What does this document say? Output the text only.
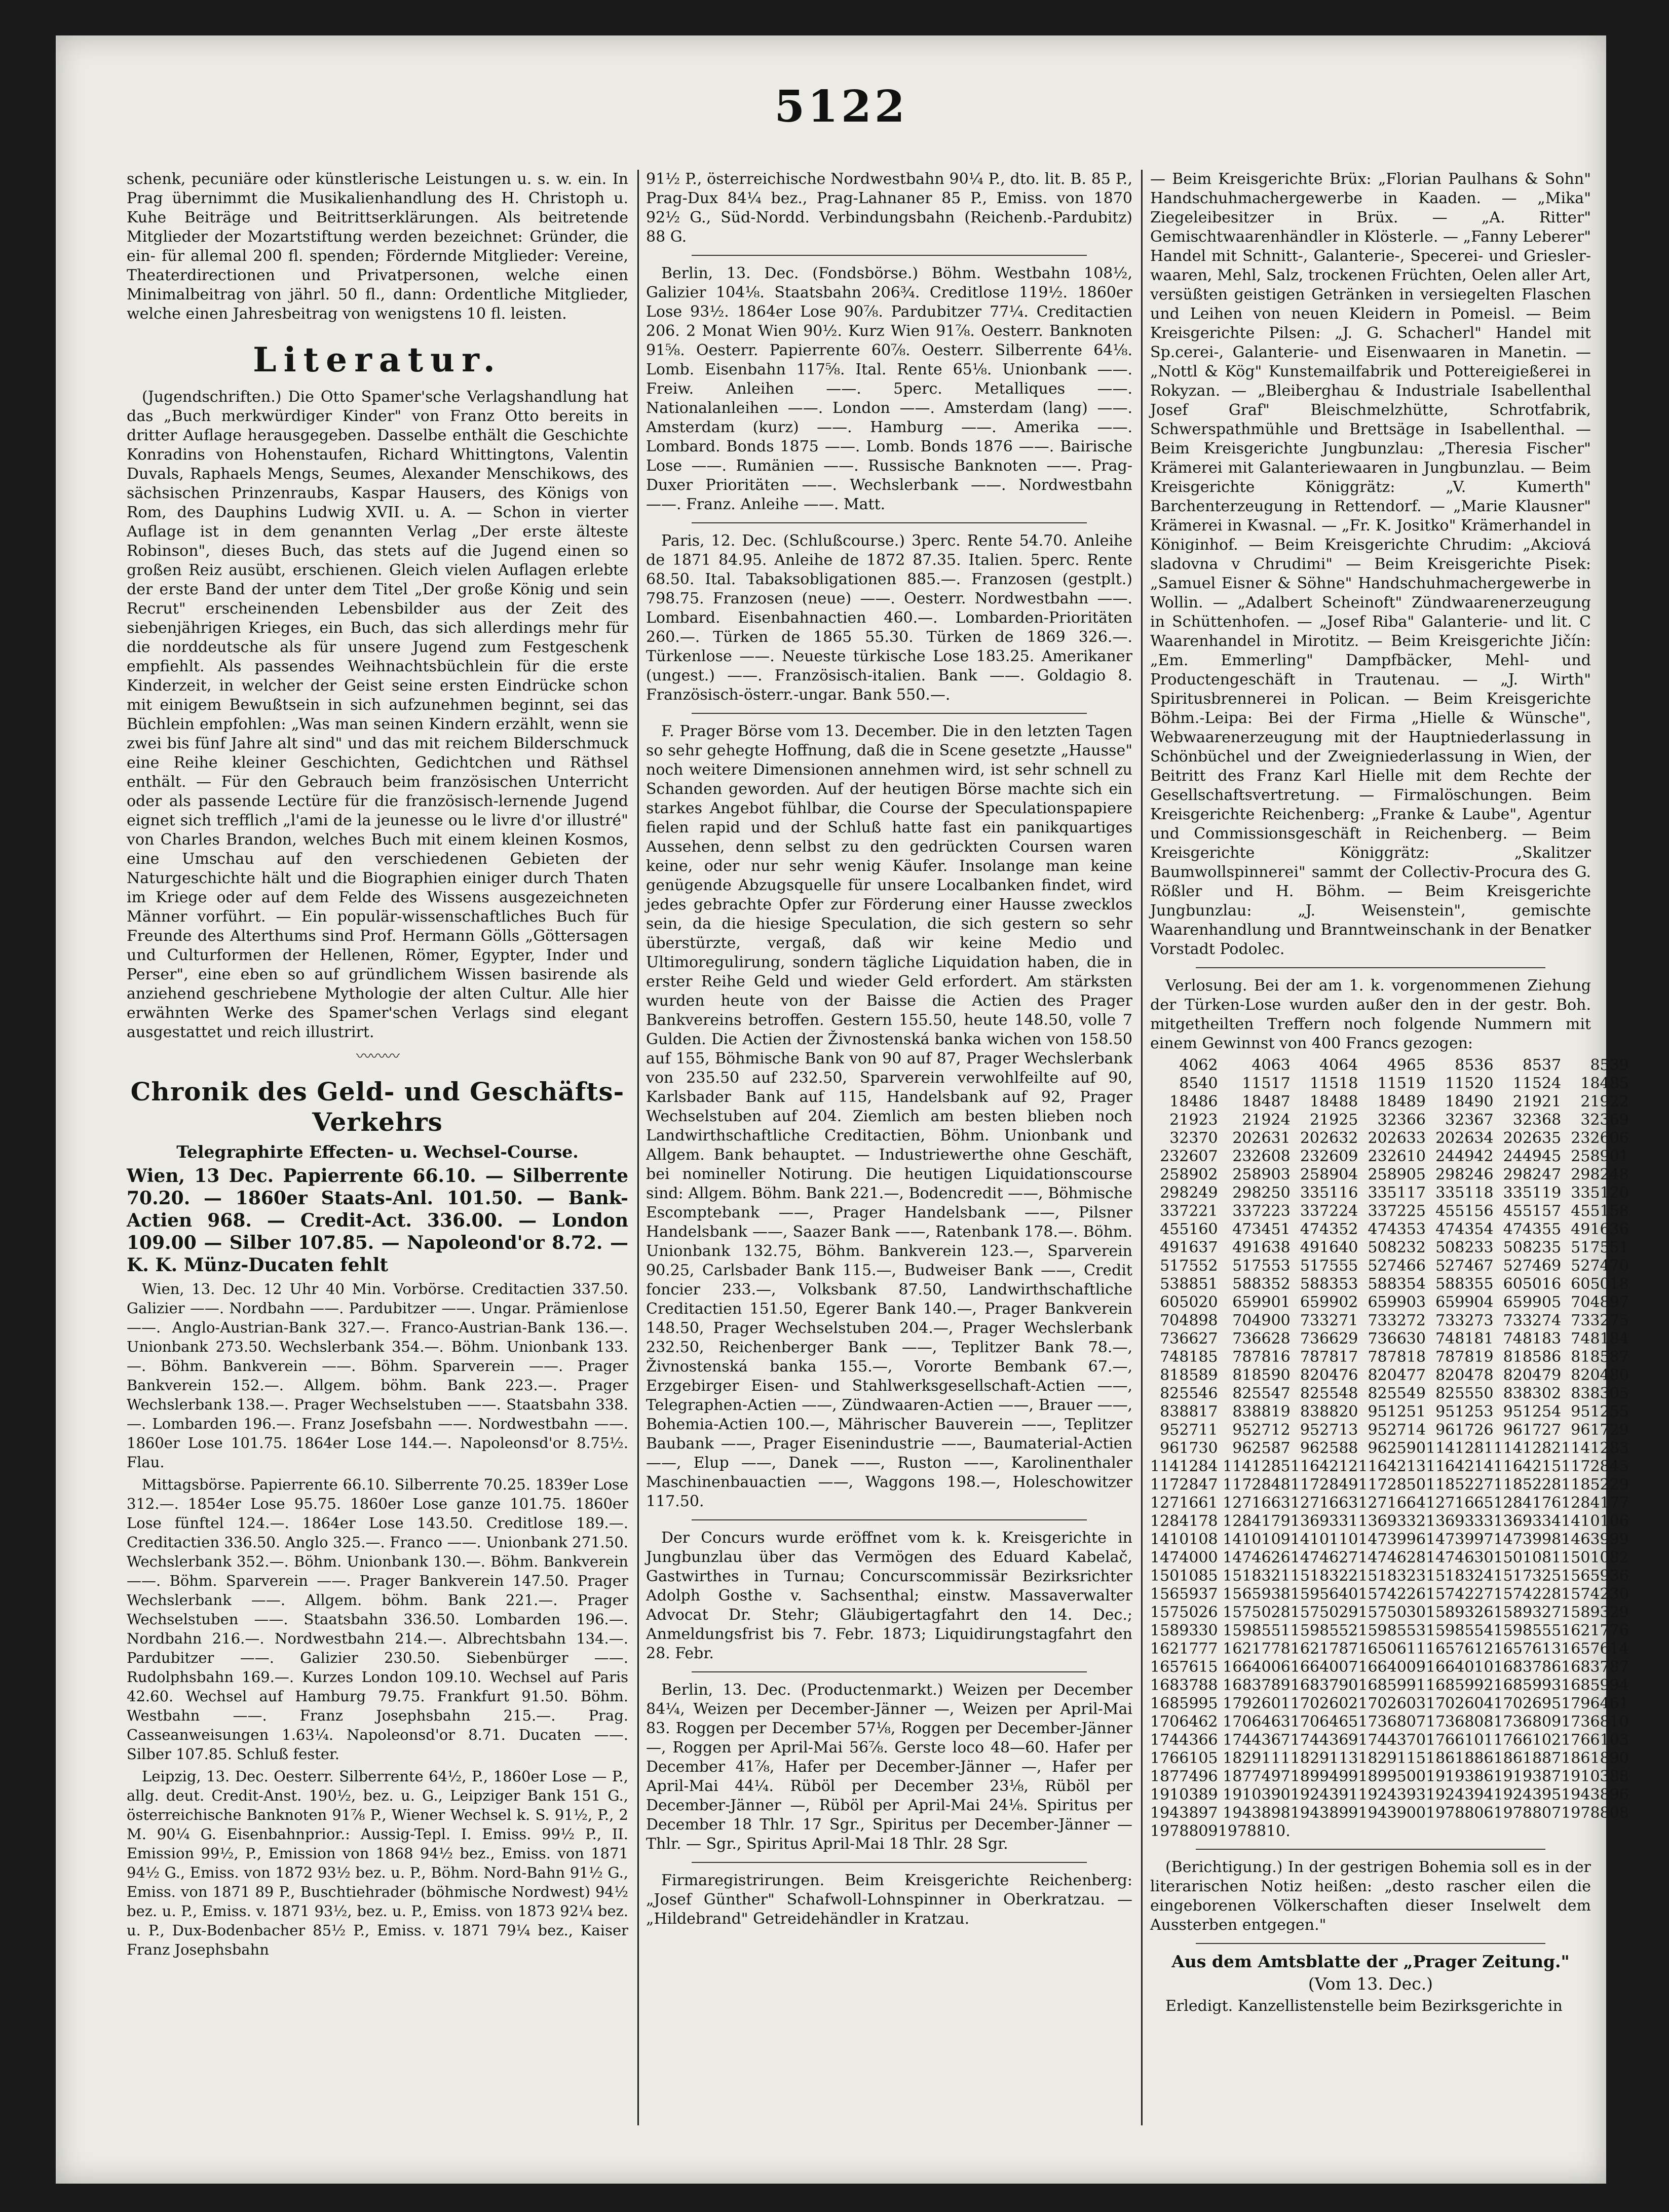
5122

schenk, pecuniäre oder künstlerische Leistungen u. s. w. ein. In Prag übernimmt die Musikalienhandlung des H. Christoph u. Kuhe Beiträge und Beitrittserklärungen. Als beitretende Mitglieder der Mozartstiftung werden bezeichnet: Gründer, die ein- für allemal 200 fl. spenden; Fördernde Mitglieder: Vereine, Theaterdirectionen und Privatpersonen, welche einen Minimalbeitrag von jährl. 50 fl., dann: Ordentliche Mitglieder, welche einen Jahresbeitrag von wenigstens 10 fl. leisten.

Literatur.

(Jugendschriften.) Die Otto Spamer'sche Verlagshandlung hat das „Buch merkwürdiger Kinder" von Franz Otto bereits in dritter Auflage herausgegeben. Dasselbe enthält die Geschichte Konradins von Hohenstaufen, Richard Whittingtons, Valentin Duvals, Raphaels Mengs, Seumes, Alexander Menschikows, des sächsischen Prinzenraubs, Kaspar Hausers, des Königs von Rom, des Dauphins Ludwig XVII. u. A. — Schon in vierter Auflage ist in dem genannten Verlag „Der erste älteste Robinson", dieses Buch, das stets auf die Jugend einen so großen Reiz ausübt, erschienen. Gleich vielen Auflagen erlebte der erste Band der unter dem Titel „Der große König und sein Recrut" erscheinenden Lebensbilder aus der Zeit des siebenjährigen Krieges, ein Buch, das sich allerdings mehr für die norddeutsche als für unsere Jugend zum Festgeschenk empfiehlt. Als passendes Weihnachtsbüchlein für die erste Kinderzeit, in welcher der Geist seine ersten Eindrücke schon mit einigem Bewußtsein in sich aufzunehmen beginnt, sei das Büchlein empfohlen: „Was man seinen Kindern erzählt, wenn sie zwei bis fünf Jahre alt sind" und das mit reichem Bilderschmuck eine Reihe kleiner Geschichten, Gedichtchen und Räthsel enthält. — Für den Gebrauch beim französischen Unterricht oder als passende Lectüre für die französisch-lernende Jugend eignet sich trefflich „l'ami de la jeunesse ou le livre d'or illustré" von Charles Brandon, welches Buch mit einem kleinen Kosmos, eine Umschau auf den verschiedenen Gebieten der Naturgeschichte hält und die Biographien einiger durch Thaten im Kriege oder auf dem Felde des Wissens ausgezeichneten Männer vorführt. — Ein populär-wissenschaftliches Buch für Freunde des Alterthums sind Prof. Hermann Gölls „Göttersagen und Culturformen der Hellenen, Römer, Egypter, Inder und Perser", eine eben so auf gründlichem Wissen basirende als anziehend geschriebene Mythologie der alten Cultur. Alle hier erwähnten Werke des Spamer'schen Verlags sind elegant ausgestattet und reich illustrirt.

〰〰〰
Chronik des Geld- und Geschäfts-Verkehrs
Telegraphirte Effecten- u. Wechsel-Course.

Wien, 13 Dec. Papierrente 66.10. — Silberrente 70.20. — 1860er Staats-Anl. 101.50. — Bank-Actien 968. — Credit-Act. 336.00. — London 109.00 — Silber 107.85. — Napoleond'or 8.72. — K. K. Münz-Ducaten fehlt

Wien, 13. Dec. 12 Uhr 40 Min. Vorbörse. Creditactien 337.50. Galizier ——. Nordbahn ——. Pardubitzer ——. Ungar. Prämienlose ——. Anglo-Austrian-Bank 327.—. Franco-Austrian-Bank 136.—. Unionbank 273.50. Wechslerbank 354.—. Böhm. Unionbank 133.—. Böhm. Bankverein ——. Böhm. Sparverein ——. Prager Bankverein 152.—. Allgem. böhm. Bank 223.—. Prager Wechslerbank 138.—. Prager Wechselstuben ——. Staatsbahn 338.—. Lombarden 196.—. Franz Josefsbahn ——. Nordwestbahn ——. 1860er Lose 101.75. 1864er Lose 144.—. Napoleonsd'or 8.75½. Flau.

Mittagsbörse. Papierrente 66.10. Silberrente 70.25. 1839er Lose 312.—. 1854er Lose 95.75. 1860er Lose ganze 101.75. 1860er Lose fünftel 124.—. 1864er Lose 143.50. Creditlose 189.—. Creditactien 336.50. Anglo 325.—. Franco ——. Unionbank 271.50. Wechslerbank 352.—. Böhm. Unionbank 130.—. Böhm. Bankverein ——. Böhm. Sparverein ——. Prager Bankverein 147.50. Prager Wechslerbank ——. Allgem. böhm. Bank 221.—. Prager Wechselstuben ——. Staatsbahn 336.50. Lombarden 196.—. Nordbahn 216.—. Nordwestbahn 214.—. Albrechtsbahn 134.—. Pardubitzer ——. Galizier 230.50. Siebenbürger ——. Rudolphsbahn 169.—. Kurzes London 109.10. Wechsel auf Paris 42.60. Wechsel auf Hamburg 79.75. Frankfurt 91.50. Böhm. Westbahn ——. Franz Josephsbahn 215.—. Prag. Casseanweisungen 1.63¼. Napoleonsd'or 8.71. Ducaten ——. Silber 107.85. Schluß fester.

Leipzig, 13. Dec. Oesterr. Silberrente 64½, P., 1860er Lose — P., allg. deut. Credit-Anst. 190½, bez. u. G., Leipziger Bank 151 G., österreichische Banknoten 91⅞ P., Wiener Wechsel k. S. 91½, P., 2 M. 90¼ G. Eisenbahnprior.: Aussig-Tepl. I. Emiss. 99½ P., II. Emission 99½, P., Emission von 1868 94½ bez., Emiss. von 1871 94½ G., Emiss. von 1872 93½ bez. u. P., Böhm. Nord-Bahn 91½ G., Emiss. von 1871 89 P., Buschtiehrader (böhmische Nordwest) 94½ bez. u. P., Emiss. v. 1871 93½, bez. u. P., Emiss. von 1873 92¼ bez. u. P., Dux-Bodenbacher 85½ P., Emiss. v. 1871 79¼ bez., Kaiser Franz Josephsbahn

91½ P., österreichische Nordwestbahn 90¼ P., dto. lit. B. 85 P., Prag-Dux 84¼ bez., Prag-Lahnaner 85 P., Emiss. von 1870 92½ G., Süd-Nordd. Verbindungsbahn (Reichenb.-Pardubitz) 88 G.

Berlin, 13. Dec. (Fondsbörse.) Böhm. Westbahn 108½, Galizier 104⅛. Staatsbahn 206¾. Creditlose 119½. 1860er Lose 93½. 1864er Lose 90⅞. Pardubitzer 77¼. Creditactien 206. 2 Monat Wien 90½. Kurz Wien 91⅞. Oesterr. Banknoten 91⅝. Oesterr. Papierrente 60⅞. Oesterr. Silberrente 64⅛. Lomb. Eisenbahn 117⅝. Ital. Rente 65⅛. Unionbank ——. Freiw. Anleihen ——. 5perc. Metalliques ——. Nationalanleihen ——. London ——. Amsterdam (lang) ——. Amsterdam (kurz) ——. Hamburg ——. Amerika ——. Lombard. Bonds 1875 ——. Lomb. Bonds 1876 ——. Bairische Lose ——. Rumänien ——. Russische Banknoten ——. Prag-Duxer Prioritäten ——. Wechslerbank ——. Nordwestbahn ——. Franz. Anleihe ——. Matt.

Paris, 12. Dec. (Schlußcourse.) 3perc. Rente 54.70. Anleihe de 1871 84.95. Anleihe de 1872 87.35. Italien. 5perc. Rente 68.50. Ital. Tabaksobligationen 885.—. Franzosen (gestplt.) 798.75. Franzosen (neue) ——. Oesterr. Nordwestbahn ——. Lombard. Eisenbahnactien 460.—. Lombarden-Prioritäten 260.—. Türken de 1865 55.30. Türken de 1869 326.—. Türkenlose ——. Neueste türkische Lose 183.25. Amerikaner (ungest.) ——. Französisch-italien. Bank ——. Goldagio 8. Französisch-österr.-ungar. Bank 550.—.

F. Prager Börse vom 13. December. Die in den letzten Tagen so sehr gehegte Hoffnung, daß die in Scene gesetzte „Hausse" noch weitere Dimensionen annehmen wird, ist sehr schnell zu Schanden geworden. Auf der heutigen Börse machte sich ein starkes Angebot fühlbar, die Course der Speculationspapiere fielen rapid und der Schluß hatte fast ein panikquartiges Aussehen, denn selbst zu den gedrückten Coursen waren keine, oder nur sehr wenig Käufer. Insolange man keine genügende Abzugsquelle für unsere Localbanken findet, wird jedes gebrachte Opfer zur Förderung einer Hausse zwecklos sein, da die hiesige Speculation, die sich gestern so sehr überstürzte, vergaß, daß wir keine Medio und Ultimoregulirung, sondern tägliche Liquidation haben, die in erster Reihe Geld und wieder Geld erfordert. Am stärksten wurden heute von der Baisse die Actien des Prager Bankvereins betroffen. Gestern 155.50, heute 148.50, volle 7 Gulden. Die Actien der Živnostenská banka wichen von 158.50 auf 155, Böhmische Bank von 90 auf 87, Prager Wechslerbank von 235.50 auf 232.50, Sparverein verwohlfeilte auf 90, Karlsbader Bank auf 115, Handelsbank auf 92, Prager Wechselstuben auf 204. Ziemlich am besten blieben noch Landwirthschaftliche Creditactien, Böhm. Unionbank und Allgem. Bank behauptet. — Industriewerthe ohne Geschäft, bei nomineller Notirung. Die heutigen Liquidationscourse sind: Allgem. Böhm. Bank 221.—, Bodencredit ——, Böhmische Escomptebank ——, Prager Handelsbank ——, Pilsner Handelsbank ——, Saazer Bank ——, Ratenbank 178.—. Böhm. Unionbank 132.75, Böhm. Bankverein 123.—, Sparverein 90.25, Carlsbader Bank 115.—, Budweiser Bank ——, Credit foncier 233.—, Volksbank 87.50, Landwirthschaftliche Creditactien 151.50, Egerer Bank 140.—, Prager Bankverein 148.50, Prager Wechselstuben 204.—, Prager Wechslerbank 232.50, Reichenberger Bank ——, Teplitzer Bank 78.—, Živnostenská banka 155.—, Vororte Bembank 67.—, Erzgebirger Eisen- und Stahlwerksgesellschaft-Actien ——, Telegraphen-Actien ——, Zündwaaren-Actien ——, Brauer ——, Bohemia-Actien 100.—, Mährischer Bauverein ——, Teplitzer Baubank ——, Prager Eisenindustrie ——, Baumaterial-Actien ——, Elup ——, Danek ——, Ruston ——, Karolinenthaler Maschinenbauactien ——, Waggons 198.—, Holeschowitzer 117.50.

Der Concurs wurde eröffnet vom k. k. Kreisgerichte in Jungbunzlau über das Vermögen des Eduard Kabelač, Gastwirthes in Turnau; Concurscommissär Bezirksrichter Adolph Gosthe v. Sachsenthal; einstw. Massaverwalter Advocat Dr. Stehr; Gläubigertagfahrt den 14. Dec.; Anmeldungsfrist bis 7. Febr. 1873; Liquidirungstagfahrt den 28. Febr.

Berlin, 13. Dec. (Productenmarkt.) Weizen per December 84¼, Weizen per December-Jänner —, Weizen per April-Mai 83. Roggen per December 57⅛, Roggen per December-Jänner —, Roggen per April-Mai 56⅞. Gerste loco 48—60. Hafer per December 41⅞, Hafer per December-Jänner —, Hafer per April-Mai 44¼. Rüböl per December 23⅛, Rüböl per December-Jänner —, Rüböl per April-Mai 24⅛. Spiritus per December 18 Thlr. 17 Sgr., Spiritus per December-Jänner — Thlr. — Sgr., Spiritus April-Mai 18 Thlr. 28 Sgr.

Firmaregistrirungen. Beim Kreisgerichte Reichenberg: „Josef Günther" Schafwoll-Lohnspinner in Oberkratzau. — „Hildebrand" Getreidehändler in Kratzau.

— Beim Kreisgerichte Brüx: „Florian Paulhans & Sohn" Handschuhmachergewerbe in Kaaden. — „Mika" Ziegeleibesitzer in Brüx. — „A. Ritter" Gemischtwaarenhändler in Klösterle. — „Fanny Leberer" Handel mit Schnitt-, Galanterie-, Specerei- und Griesler-waaren, Mehl, Salz, trockenen Früchten, Oelen aller Art, versüßten geistigen Getränken in versiegelten Flaschen und Leihen von neuen Kleidern in Pomeisl. — Beim Kreisgerichte Pilsen: „J. G. Schacherl" Handel mit Sp.cerei-, Galanterie- und Eisenwaaren in Manetin. — „Nottl & Kög" Kunstemailfabrik und Pottereigießerei in Rokyzan. — „Bleiberghau & Industriale Isabellenthal Josef Graf" Bleischmelzhütte, Schrotfabrik, Schwerspathmühle und Brettsäge in Isabellenthal. — Beim Kreisgerichte Jungbunzlau: „Theresia Fischer" Krämerei mit Galanteriewaaren in Jungbunzlau. — Beim Kreisgerichte Königgrätz: „V. Kumerth" Barchenterzeugung in Rettendorf. — „Marie Klausner" Krämerei in Kwasnal. — „Fr. K. Jositko" Krämerhandel in Königinhof. — Beim Kreisgerichte Chrudim: „Akciová sladovna v Chrudimi" — Beim Kreisgerichte Pisek: „Samuel Eisner & Söhne" Handschuhmachergewerbe in Wollin. — „Adalbert Scheinoft" Zündwaarenerzeugung in Schüttenhofen. — „Josef Riba" Galanterie- und lit. C Waarenhandel in Mirotitz. — Beim Kreisgerichte Jičín: „Em. Emmerling" Dampfbäcker, Mehl- und Productengeschäft in Trautenau. — „J. Wirth" Spiritusbrennerei in Polican. — Beim Kreisgerichte Böhm.-Leipa: Bei der Firma „Hielle & Wünsche", Webwaarenerzeugung mit der Hauptniederlassung in Schönbüchel und der Zweigniederlassung in Wien, der Beitritt des Franz Karl Hielle mit dem Rechte der Gesellschaftsvertretung. — Firmalöschungen. Beim Kreisgerichte Reichenberg: „Franke & Laube", Agentur und Commissionsgeschäft in Reichenberg. — Beim Kreisgerichte Königgrätz: „Skalitzer Baumwollspinnerei" sammt der Collectiv-Procura des G. Rößler und H. Böhm. — Beim Kreisgerichte Jungbunzlau: „J. Weisenstein", gemischte Waarenhandlung und Branntweinschank in der Benatker Vorstadt Podolec.

Verlosung. Bei der am 1. k. vorgenommenen Ziehung der Türken-Lose wurden außer den in der gestr. Boh. mitgetheilten Treffern noch folgende Nummern mit einem Gewinnst von 400 Francs gezogen:

4062	4063	4064	4965	8536	8537	8539
8540	11517	11518	11519	11520	11524	18485
18486	18487	18488	18489	18490	21921	21922
21923	21924	21925	32366	32367	32368	32369
32370	202631	202632	202633	202634	202635	232606
232607	232608	232609	232610	244942	244945	258901
258902	258903	258904	258905	298246	298247	298248
298249	298250	335116	335117	335118	335119	335120
337221	337223	337224	337225	455156	455157	455158
455160	473451	474352	474353	474354	474355	491636
491637	491638	491640	508232	508233	508235	517551
517552	517553	517555	527466	527467	527469	527470
538851	588352	588353	588354	588355	605016	605018
605020	659901	659902	659903	659904	659905	704897
704898	704900	733271	733272	733273	733274	733275
736627	736628	736629	736630	748181	748183	748184
748185	787816	787817	787818	787819	818586	818587
818589	818590	820476	820477	820478	820479	820480
825546	825547	825548	825549	825550	838302	838305
838817	838819	838820	951251	951253	951254	951255
952711	952712	952713	952714	961726	961727	961729
961730	962587	962588	962590	1141281	1141282	1141283
1141284	1141285	1164212	1164213	1164214	1164215	1172845
1172847	1172848	1172849	1172850	1185227	1185228	1185229
1271661	1271663	1271663	1271664	1271665	1284176	1284177
1284178	1284179	1369331	1369332	1369333	1369334	1410106
1410108	1410109	1410110	1473996	1473997	1473998	1463999
1474000	1474626	1474627	1474628	1474630	1501081	1501082
1501085	1518321	1518322	1518323	1518324	1517325	1565936
1565937	1565938	1595640	1574226	1574227	1574228	1574230
1575026	1575028	1575029	1575030	1589326	1589327	1589329
1589330	1598551	1598552	1598553	1598554	1598555	1621776
1621777	1621778	1621787	1650611	1657612	1657613	1657614
1657615	1664006	1664007	1664009	1664010	1683786	1683787
1683788	1683789	1683790	1685991	1685992	1685993	1685994
1685995	1792601	1702602	1702603	1702604	1702695	1796461
1706462	1706463	1706465	1736807	1736808	1736809	1736810
1744366	1744367	1744369	1744370	1766101	1766102	1766103
1766105	1829111	1829113	1829115	1861886	1861887	1861890
1877496	1877497	1899499	1899500	1919386	1919387	1910388
1910389	1910390	1924391	1924393	1924394	1924395	1943896
1943897	1943898	1943899	1943900	1978806	1978807	1978808
1978809	1978810.					

(Berichtigung.) In der gestrigen Bohemia soll es in der literarischen Notiz heißen: „desto rascher eilen die eingeborenen Völkerschaften dieser Inselwelt dem Aussterben entgegen."

Aus dem Amtsblatte der „Prager Zeitung."
(Vom 13. Dec.)

Erledigt. Kanzellistenstelle beim Bezirksgerichte in
